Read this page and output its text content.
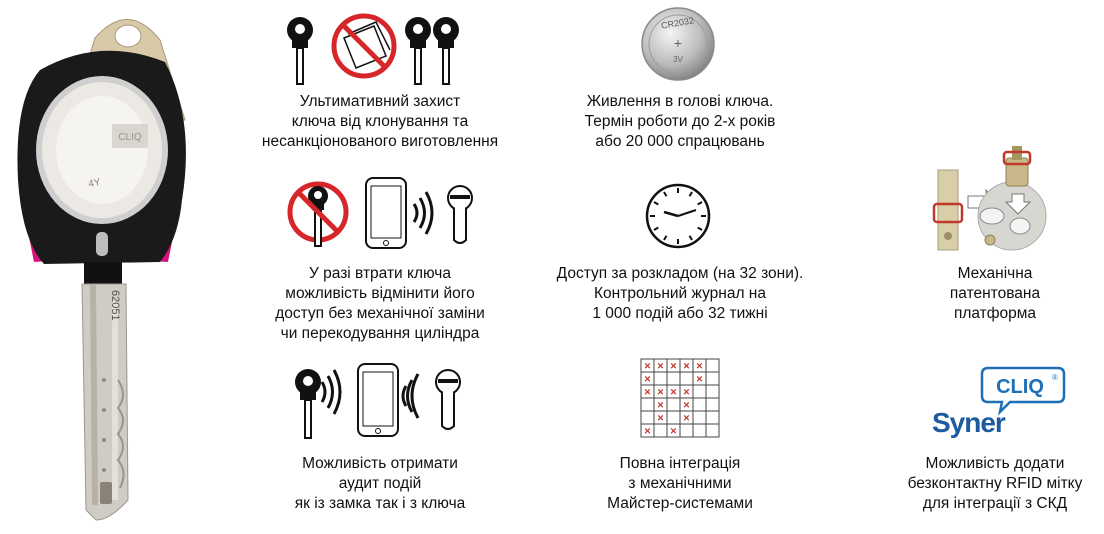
CLIQ
4Y
62051
Ультимативний захист
ключа від клонування та
несанкціонованого виготовлення
CR2032
+
3V
Живлення в голові ключа.
Термін роботи до 2-х років
або 20 000 спрацювань
У разі втрати ключа
можливість відмінити його
доступ без механічної заміни
чи перекодування циліндра
Доступ за розкладом (на 32 зони).
Контрольний журнал на
1 000 подій або 32 тижні
Механічна
патентована
платформа
Можливість отримати
аудит подій
як із замка так і з ключа
× × × × ×
×
×
× × × ×
× ×
× ×
× ×
Повна інтеграція
з механічними
Майстер-системами
CLIQ ®
Syner
Можливість додати
безконтактну RFID мітку
для інтеграції з СКД
